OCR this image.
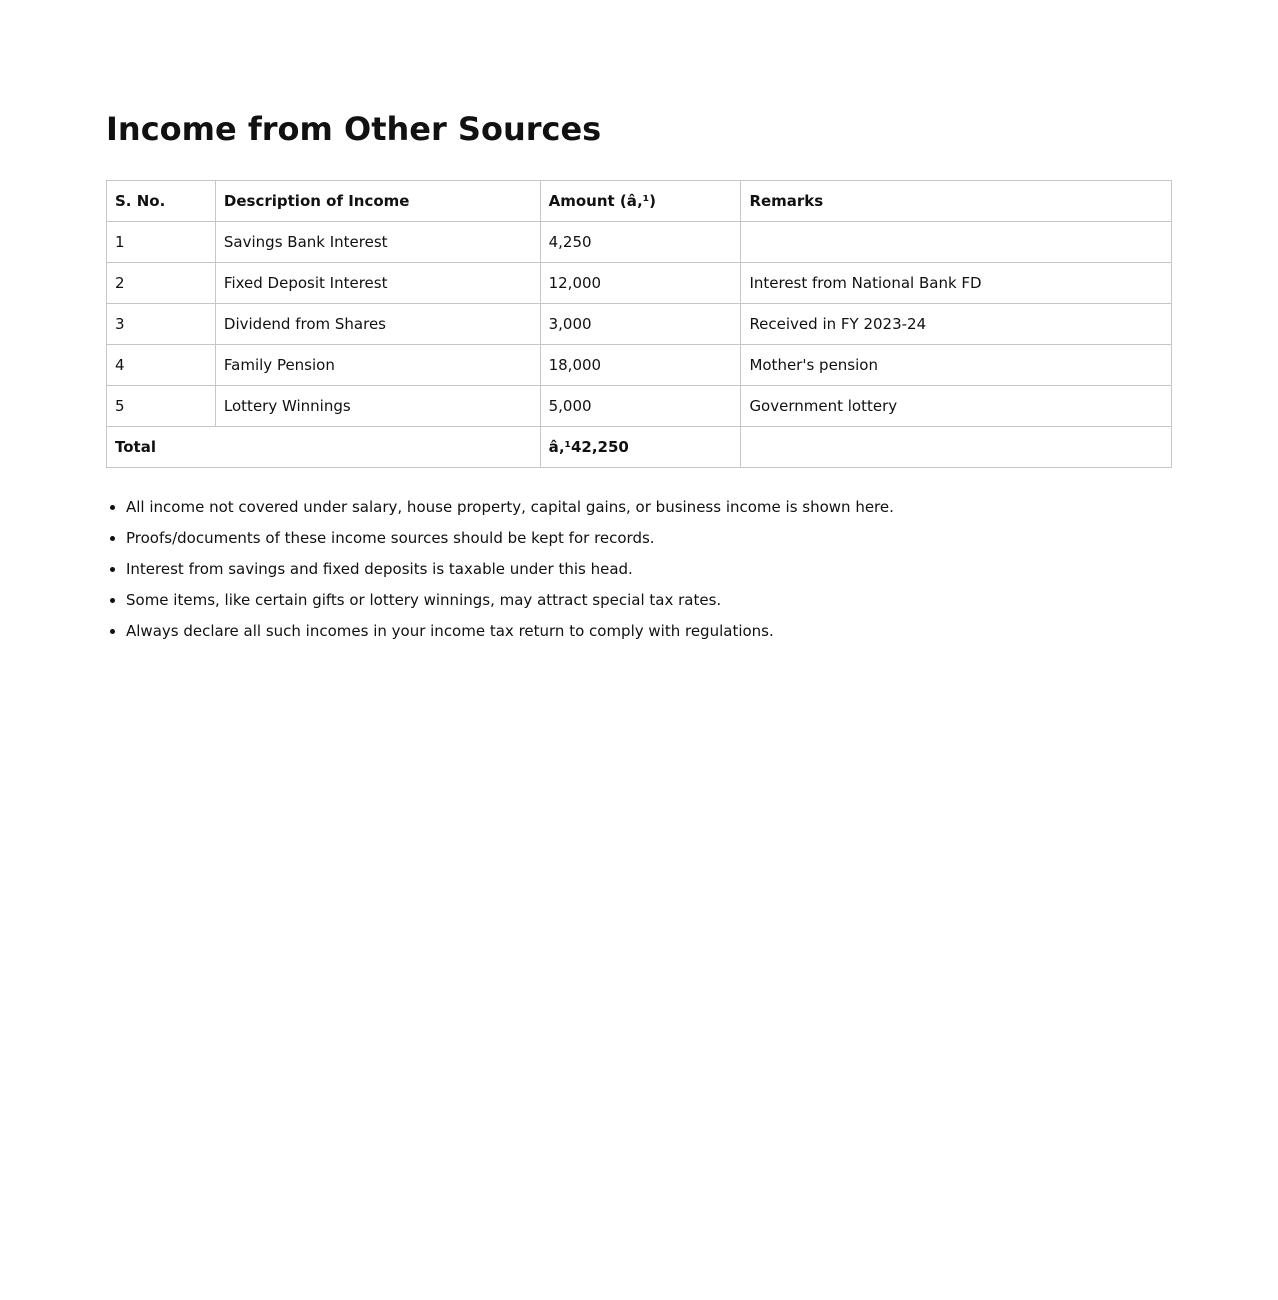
Income from Other Sources
S. No.	Description of Income	Amount (â‚¹)	Remarks
1	Savings Bank Interest	4,250	
2	Fixed Deposit Interest	12,000	Interest from National Bank FD
3	Dividend from Shares	3,000	Received in FY 2023-24
4	Family Pension	18,000	Mother's pension
5	Lottery Winnings	5,000	Government lottery
Total		â‚¹42,250	
• All income not covered under salary, house property, capital gains, or business income is shown here.
• Proofs/documents of these income sources should be kept for records.
• Interest from savings and fixed deposits is taxable under this head.
• Some items, like certain gifts or lottery winnings, may attract special tax rates.
• Always declare all such incomes in your income tax return to comply with regulations.
